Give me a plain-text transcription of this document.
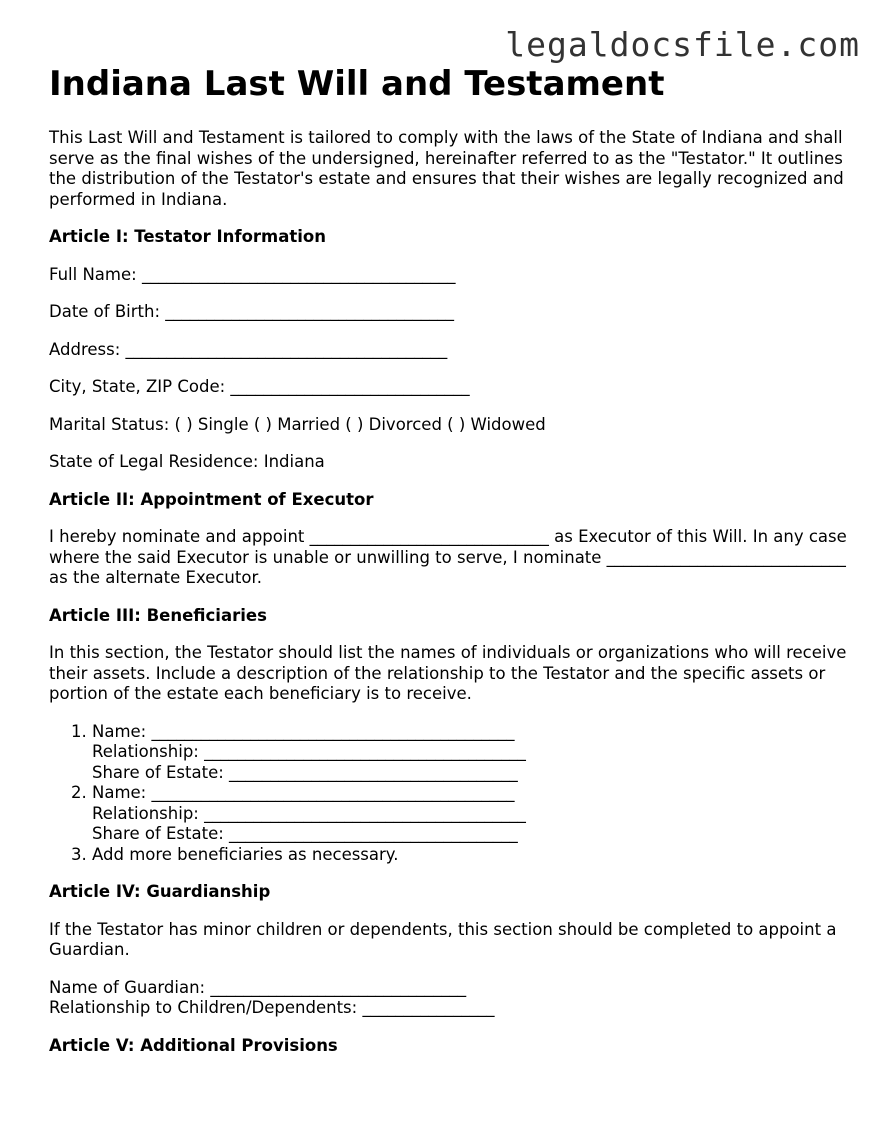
legaldocsfile.com
Indiana Last Will and Testament

This Last Will and Testament is tailored to comply with the laws of the State of Indiana and shall serve as the final wishes of the undersigned, hereinafter referred to as the "Testator." It outlines the distribution of the Testator's estate and ensures that their wishes are legally recognized and performed in Indiana.

Article I: Testator Information

Full Name: ______________________________________

Date of Birth: ___________________________________

Address: _______________________________________

City, State, ZIP Code: _____________________________

Marital Status: ( ) Single ( ) Married ( ) Divorced ( ) Widowed

State of Legal Residence: Indiana

Article II: Appointment of Executor

I hereby nominate and appoint _____________________________ as Executor of this Will. In any case where the said Executor is unable or unwilling to serve, I nominate _____________________________ as the alternate Executor.

Article III: Beneficiaries

In this section, the Testator should list the names of individuals or organizations who will receive their assets. Include a description of the relationship to the Testator and the specific assets or portion of the estate each beneficiary is to receive.

1. Name: ____________________________________________
Relationship: _______________________________________
Share of Estate: ___________________________________
2. Name: ____________________________________________
Relationship: _______________________________________
Share of Estate: ___________________________________
3. Add more beneficiaries as necessary.

Article IV: Guardianship

If the Testator has minor children or dependents, this section should be completed to appoint a Guardian.

Name of Guardian: _______________________________
Relationship to Children/Dependents: ________________

Article V: Additional Provisions
